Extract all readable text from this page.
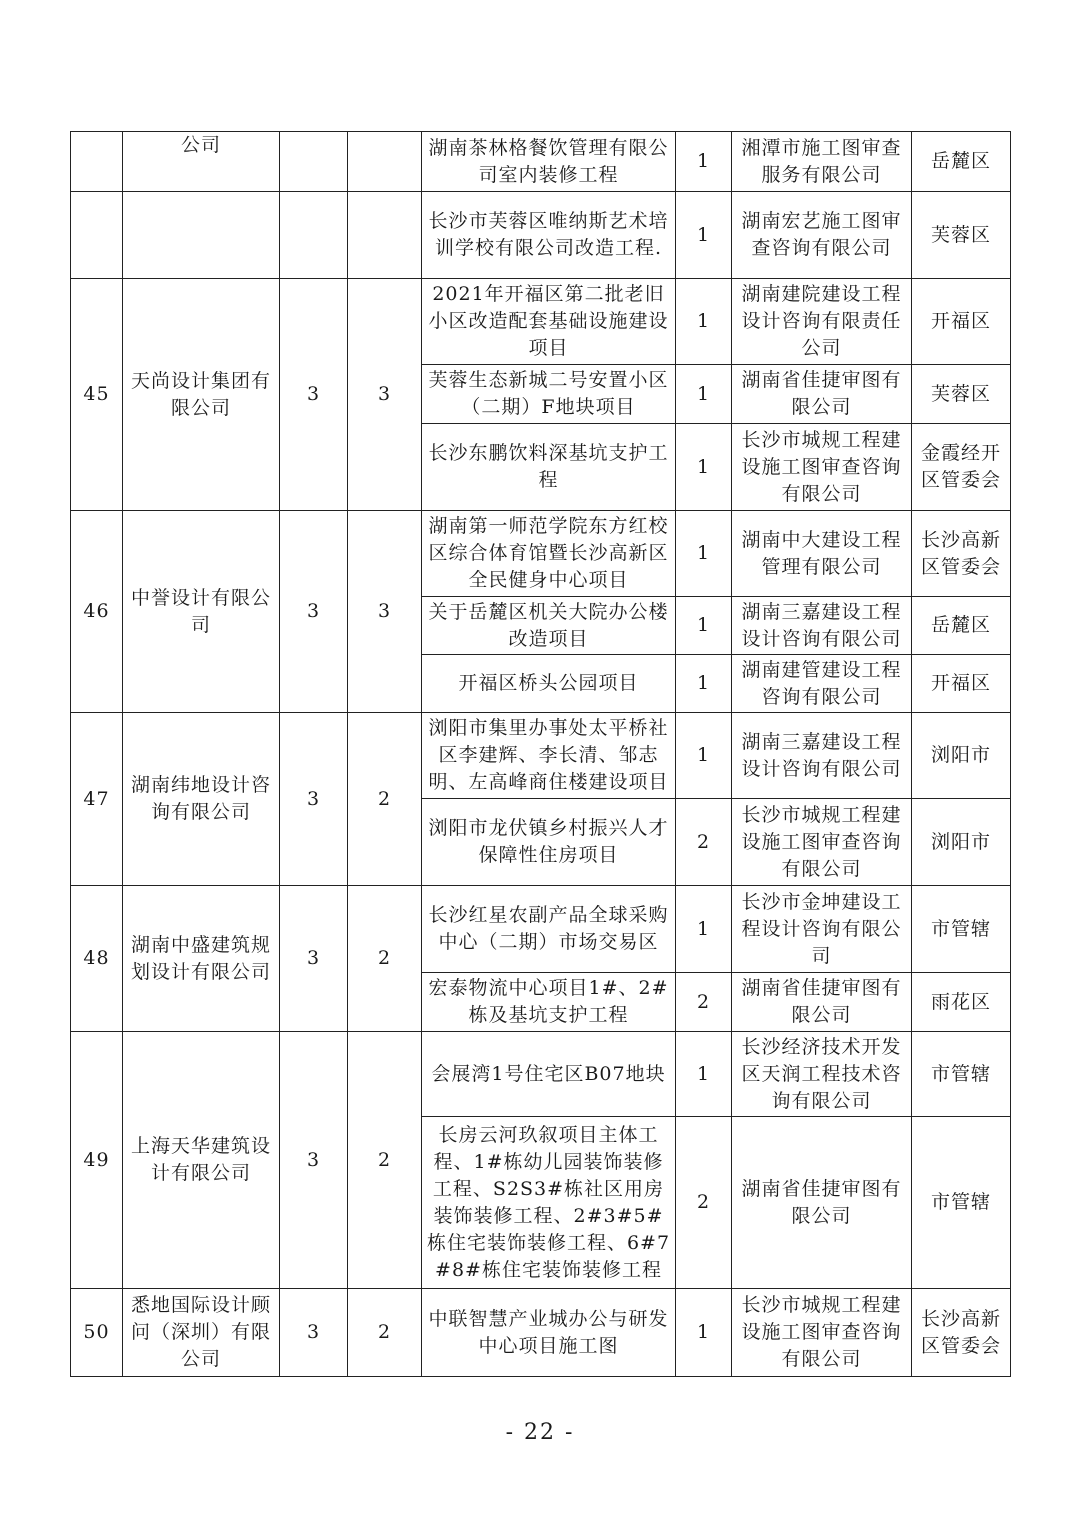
	公司			湖南茶林格餐饮管理有限公司室内装修工程	1	湘潭市施工图审查服务有限公司	岳麓区
				长沙市芙蓉区唯纳斯艺术培训学校有限公司改造工程.	1	湖南宏艺施工图审查咨询有限公司	芙蓉区
45	天尚设计集团有限公司	3	3	2021年开福区第二批老旧小区改造配套基础设施建设项目	1	湖南建院建设工程设计咨询有限责任公司	开福区
				芙蓉生态新城二号安置小区（二期）F地块项目	1	湖南省佳捷审图有限公司	芙蓉区
				长沙东鹏饮料深基坑支护工程	1	长沙市城规工程建设施工图审查咨询有限公司	金霞经开区管委会
46	中誉设计有限公司	3	3	湖南第一师范学院东方红校区综合体育馆暨长沙高新区全民健身中心项目	1	湖南中大建设工程管理有限公司	长沙高新区管委会
				关于岳麓区机关大院办公楼改造项目	1	湖南三嘉建设工程设计咨询有限公司	岳麓区
				开福区桥头公园项目	1	湖南建管建设工程咨询有限公司	开福区
47	湖南纬地设计咨询有限公司	3	2	浏阳市集里办事处太平桥社区李建辉、李长清、邹志明、左高峰商住楼建设项目	1	湖南三嘉建设工程设计咨询有限公司	浏阳市
				浏阳市龙伏镇乡村振兴人才保障性住房项目	2	长沙市城规工程建设施工图审查咨询有限公司	浏阳市
48	湖南中盛建筑规划设计有限公司	3	2	长沙红星农副产品全球采购中心（二期）市场交易区	1	长沙市金坤建设工程设计咨询有限公司	市管辖
				宏泰物流中心项目1#、2#栋及基坑支护工程	2	湖南省佳捷审图有限公司	雨花区
49	上海天华建筑设计有限公司	3	2	会展湾1号住宅区B07地块	1	长沙经济技术开发区天润工程技术咨询有限公司	市管辖
				长房云河玖叙项目主体工程、1#栋幼儿园装饰装修工程、S2S3#栋社区用房装饰装修工程、2#3#5#栋住宅装饰装修工程、6#7#8#栋住宅装饰装修工程	2	湖南省佳捷审图有限公司	市管辖
50	悉地国际设计顾问（深圳）有限公司	3	2	中联智慧产业城办公与研发中心项目施工图	1	长沙市城规工程建设施工图审查咨询有限公司	长沙高新区管委会
- 22 -
